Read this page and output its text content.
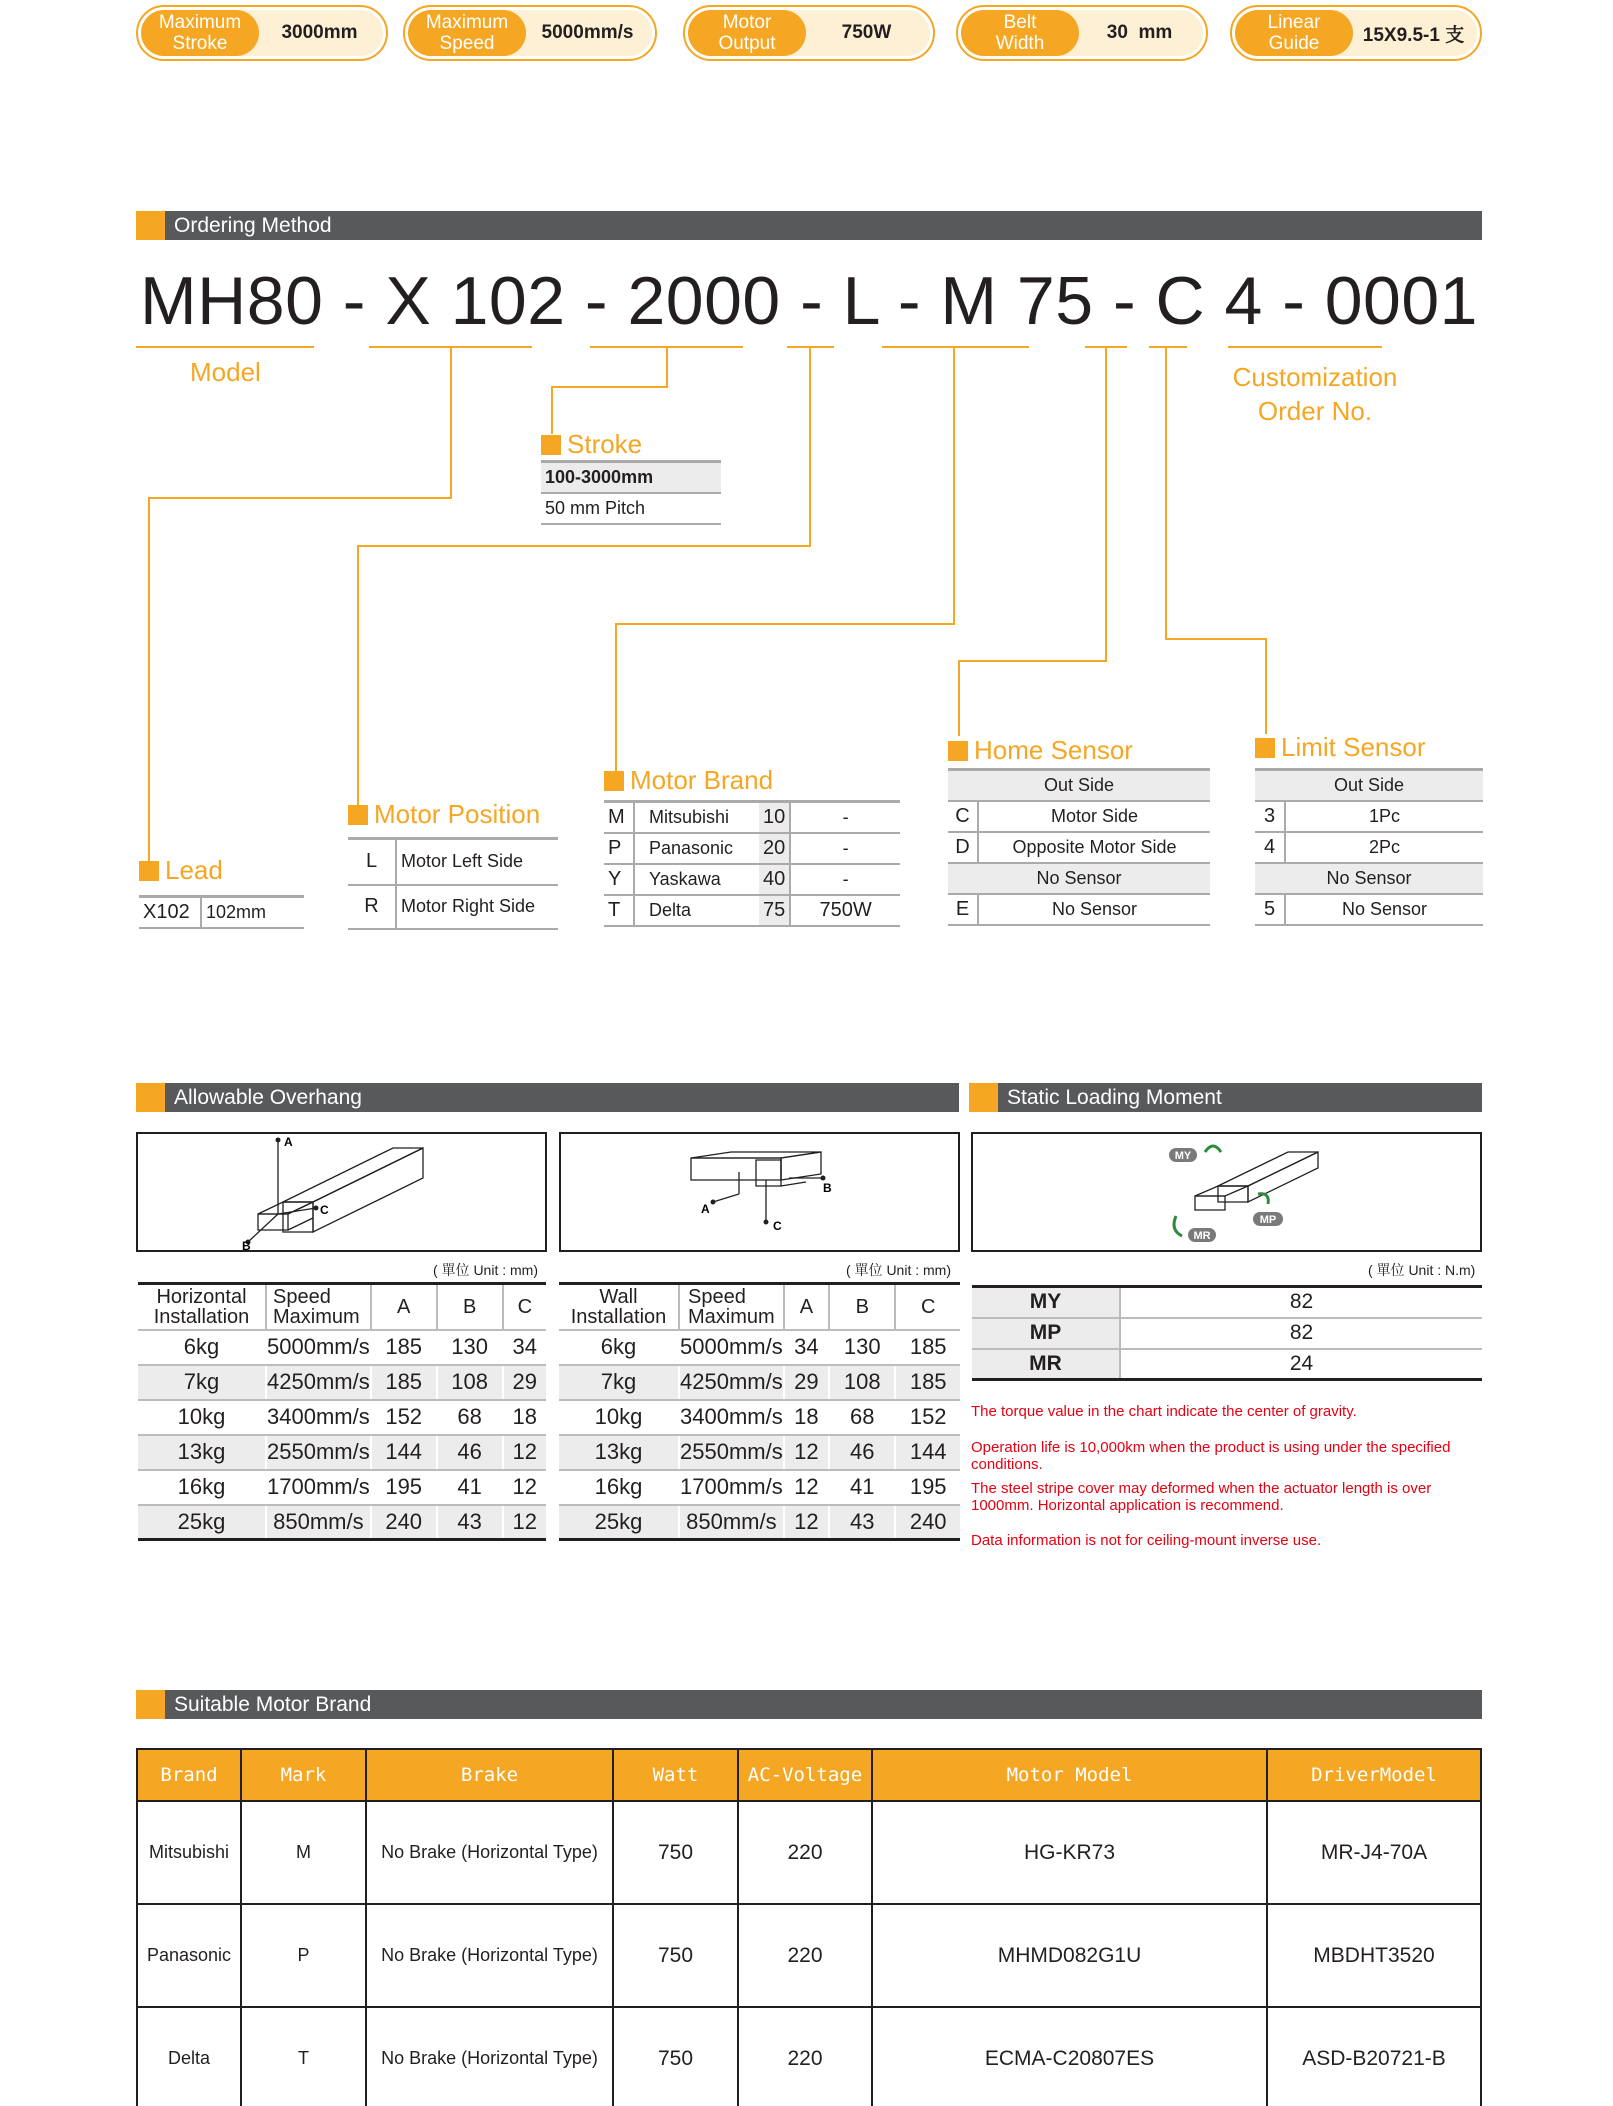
Maximum
Stroke
3000mm	Maximum
Speed
5000mm/s	Motor
Output
750W	Belt
Width
30  mm	Linear
Guide	15X9.5-1 支
Ordering Method
MH80 - X 102 - 2000 - L - M 75 - C 4 - 0001
Model	Customization
Order No.
Stroke
100-3000mm
50 mm Pitch
Lead
X102	102mm
Motor Position
L	Motor Left Side
R	Motor Right Side
Motor Brand
M	Mitsubishi	10	-
P	Panasonic	20	-
Y	Yaskawa	40	-
T	Delta	75	750W
Home Sensor
Out Side	
C	Motor Side
D	Opposite Motor Side
No Sensor	
E	No Sensor
Limit Sensor
Out Side	
3	1Pc
4	2Pc
No Sensor	
5	No Sensor
Allowable Overhang	Static Loading Moment
A
B
C	A
B
C
MY
MP
MR
( 單位 Unit : mm)	( 單位 Unit : mm)	( 單位 Unit : N.m)
Horizontal
Installation	Speed
Maximum	A	B	C
6kg	5000mm/s	185	130	34
7kg	4250mm/s	185	108	29
10kg	3400mm/s	152	68	18
13kg	2550mm/s	144	46	12
16kg	1700mm/s	195	41	12
25kg	850mm/s	240	43	12
Wall
Installation	Speed
Maximum	A	B	C
6kg	5000mm/s	34	130	185
7kg	4250mm/s	29	108	185
10kg	3400mm/s	18	68	152
13kg	2550mm/s	12	46	144
16kg	1700mm/s	12	41	195
25kg	850mm/s	12	43	240
MY	82
MP	82
MR	24
The torque value in the chart indicate the center of gravity.
Operation life is 10,000km when the product is using under the specified conditions.
The steel stripe cover may deformed when the actuator length is over 1000mm. Horizontal application is recommend.
Data information is not for ceiling-mount inverse use.
Suitable Motor Brand
Brand	Mark	Brake	Watt	AC-Voltage	Motor Model	DriverModel
Mitsubishi	M	No Brake (Horizontal Type)	750	220	HG-KR73	MR-J4-70A
Panasonic	P	No Brake (Horizontal Type)	750	220	MHMD082G1U	MBDHT3520
Delta	T	No Brake (Horizontal Type)	750	220	ECMA-C20807ES	ASD-B20721-B
